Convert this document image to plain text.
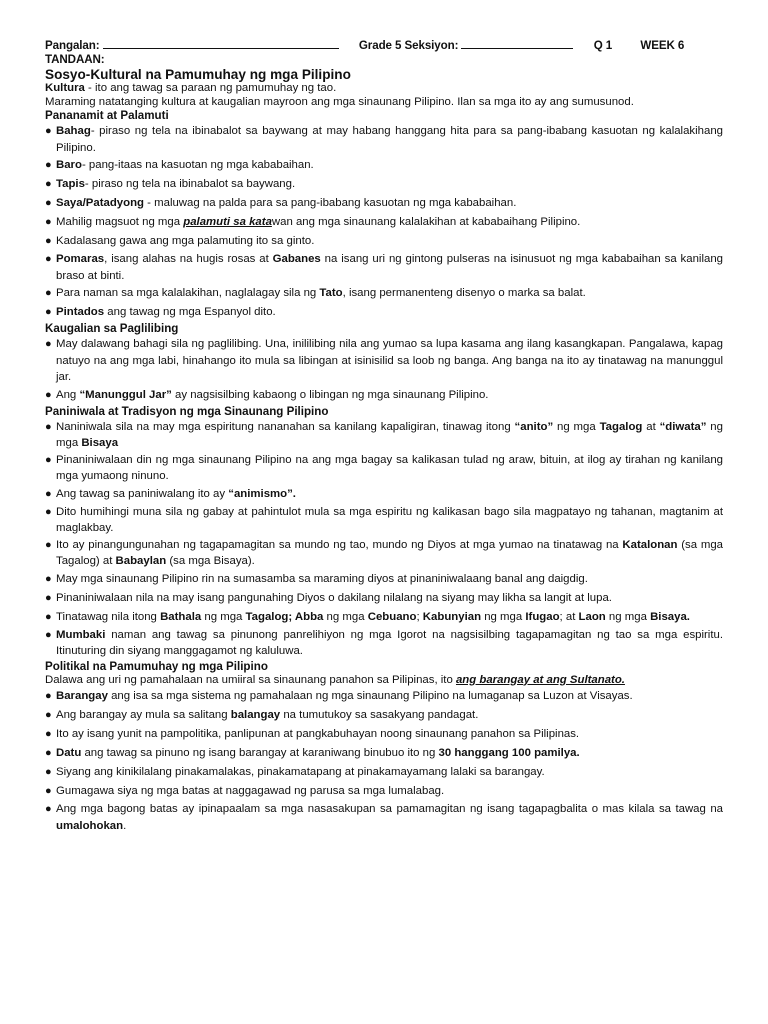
Pangalan:	Grade 5 Seksiyon:	Q 1 WEEK 6
TANDAAN:

Sosyo-Kultural na Pamumuhay ng mga Pilipino

Kultura - ito ang tawag sa paraan ng pamumuhay ng tao.

Maraming natatanging kultura at kaugalian mayroon ang mga sinaunang Pilipino. Ilan sa mga ito ay ang sumusunod.

Pananamit at Palamuti

● Bahag- piraso ng tela na ibinabalot sa baywang at may habang hanggang hita para sa pang-ibabang kasuotan ng kalalakihang Pilipino.
● Baro- pang-itaas na kasuotan ng mga kababaihan.
● Tapis- piraso ng tela na ibinabalot sa baywang.
● Saya/Patadyong - maluwag na palda para sa pang-ibabang kasuotan ng mga kababaihan.
● Mahilig magsuot ng mga palamuti sa katawan ang mga sinaunang kalalakihan at kababaihang Pilipino.
● Kadalasang gawa ang mga palamuting ito sa ginto.
● Pomaras, isang alahas na hugis rosas at Gabanes na isang uri ng gintong pulseras na isinusuot ng mga kababaihan sa kanilang braso at binti.
● Para naman sa mga kalalakihan, naglalagay sila ng Tato, isang permanenteng disenyo o marka sa balat.
● Pintados ang tawag ng mga Espanyol dito.

Kaugalian sa Paglilibing

● May dalawang bahagi sila ng paglilibing. Una, inililibing nila ang yumao sa lupa kasama ang ilang kasangkapan. Pangalawa, kapag natuyo na ang mga labi, hinahango ito mula sa libingan at isinisilid sa loob ng banga. Ang banga na ito ay tinatawag na manunggul jar.
● Ang “Manunggul Jar” ay nagsisilbing kabaong o libingan ng mga sinaunang Pilipino.

Paniniwala at Tradisyon ng mga Sinaunang Pilipino

● Naniniwala sila na may mga espiritung nananahan sa kanilang kapaligiran, tinawag itong “anito” ng mga Tagalog at “diwata” ng mga Bisaya
● Pinaniniwalaan din ng mga sinaunang Pilipino na ang mga bagay sa kalikasan tulad ng araw, bituin, at ilog ay tirahan ng kanilang mga yumaong ninuno.
● Ang tawag sa paniniwalang ito ay “animismo”.
● Dito humihingi muna sila ng gabay at pahintulot mula sa mga espiritu ng kalikasan bago sila magpatayo ng tahanan, magtanim at maglakbay.
● Ito ay pinangungunahan ng tagapamagitan sa mundo ng tao, mundo ng Diyos at mga yumao na tinatawag na Katalonan (sa mga Tagalog) at Babaylan (sa mga Bisaya).
● May mga sinaunang Pilipino rin na sumasamba sa maraming diyos at pinaniniwalaang banal ang daigdig.
● Pinaniniwalaan nila na may isang pangunahing Diyos o dakilang nilalang na siyang may likha sa langit at lupa.
● Tinatawag nila itong Bathala ng mga Tagalog; Abba ng mga Cebuano; Kabunyian ng mga Ifugao; at Laon ng mga Bisaya.
● Mumbaki naman ang tawag sa pinunong panrelihiyon ng mga Igorot na nagsisilbing tagapamagitan ng tao sa mga espiritu. Itinuturing din siyang manggagamot ng kaluluwa.

Politikal na Pamumuhay ng mga Pilipino

Dalawa ang uri ng pamahalaan na umiiral sa sinaunang panahon sa Pilipinas, ito ang barangay at ang Sultanato.

● Barangay ang isa sa mga sistema ng pamahalaan ng mga sinaunang Pilipino na lumaganap sa Luzon at Visayas.
● Ang barangay ay mula sa salitang balangay na tumutukoy sa sasakyang pandagat.
● Ito ay isang yunit na pampolitika, panlipunan at pangkabuhayan noong sinaunang panahon sa Pilipinas.
● Datu ang tawag sa pinuno ng isang barangay at karaniwang binubuo ito ng 30 hanggang 100 pamilya.
● Siyang ang kinikilalang pinakamalakas, pinakamatapang at pinakamayamang lalaki sa barangay.
● Gumagawa siya ng mga batas at naggagawad ng parusa sa mga lumalabag.
● Ang mga bagong batas ay ipinapaalam sa mga nasasakupan sa pamamagitan ng isang tagapagbalita o mas kilala sa tawag na umalohokan.
